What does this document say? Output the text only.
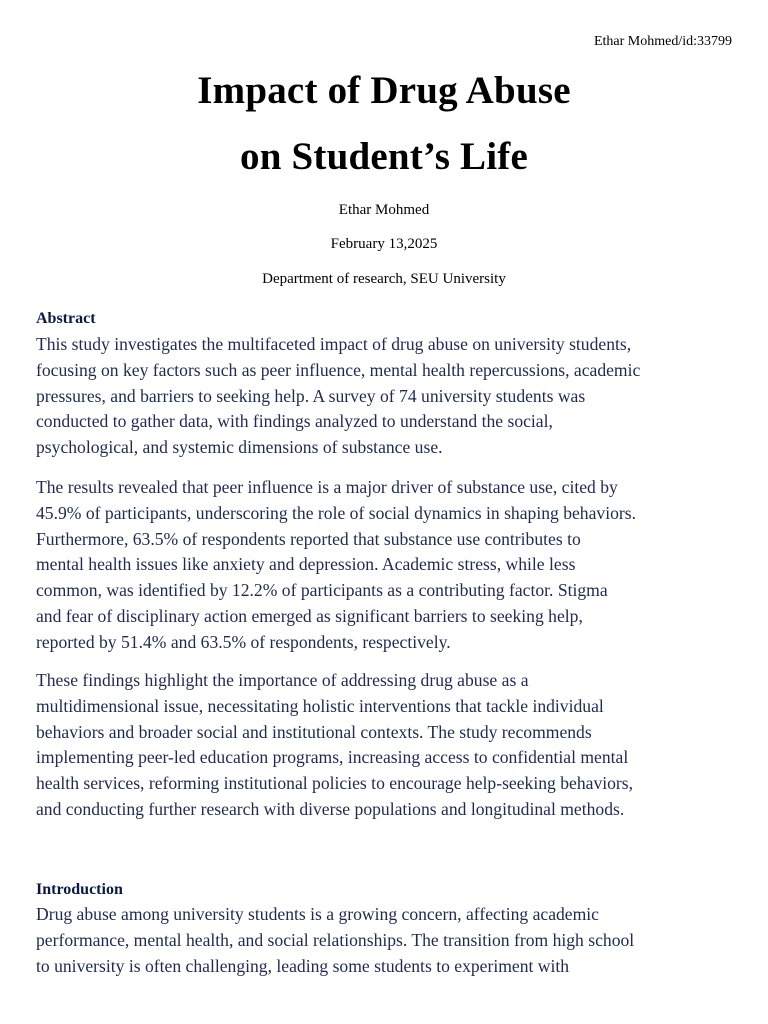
Ethar Mohmed/id:33799
Impact of Drug Abuse
on Student’s Life
Ethar Mohmed
February 13,2025
Department of research, SEU University
Abstract

This study investigates the multifaceted impact of drug abuse on university students,
focusing on key factors such as peer influence, mental health repercussions, academic
pressures, and barriers to seeking help. A survey of 74 university students was
conducted to gather data, with findings analyzed to understand the social,
psychological, and systemic dimensions of substance use.

The results revealed that peer influence is a major driver of substance use, cited by
45.9% of participants, underscoring the role of social dynamics in shaping behaviors.
Furthermore, 63.5% of respondents reported that substance use contributes to
mental health issues like anxiety and depression. Academic stress, while less
common, was identified by 12.2% of participants as a contributing factor. Stigma
and fear of disciplinary action emerged as significant barriers to seeking help,
reported by 51.4% and 63.5% of respondents, respectively.

These findings highlight the importance of addressing drug abuse as a
multidimensional issue, necessitating holistic interventions that tackle individual
behaviors and broader social and institutional contexts. The study recommends
implementing peer-led education programs, increasing access to confidential mental
health services, reforming institutional policies to encourage help-seeking behaviors,
and conducting further research with diverse populations and longitudinal methods.

Introduction

Drug abuse among university students is a growing concern, affecting academic
performance, mental health, and social relationships. The transition from high school
to university is often challenging, leading some students to experiment with
